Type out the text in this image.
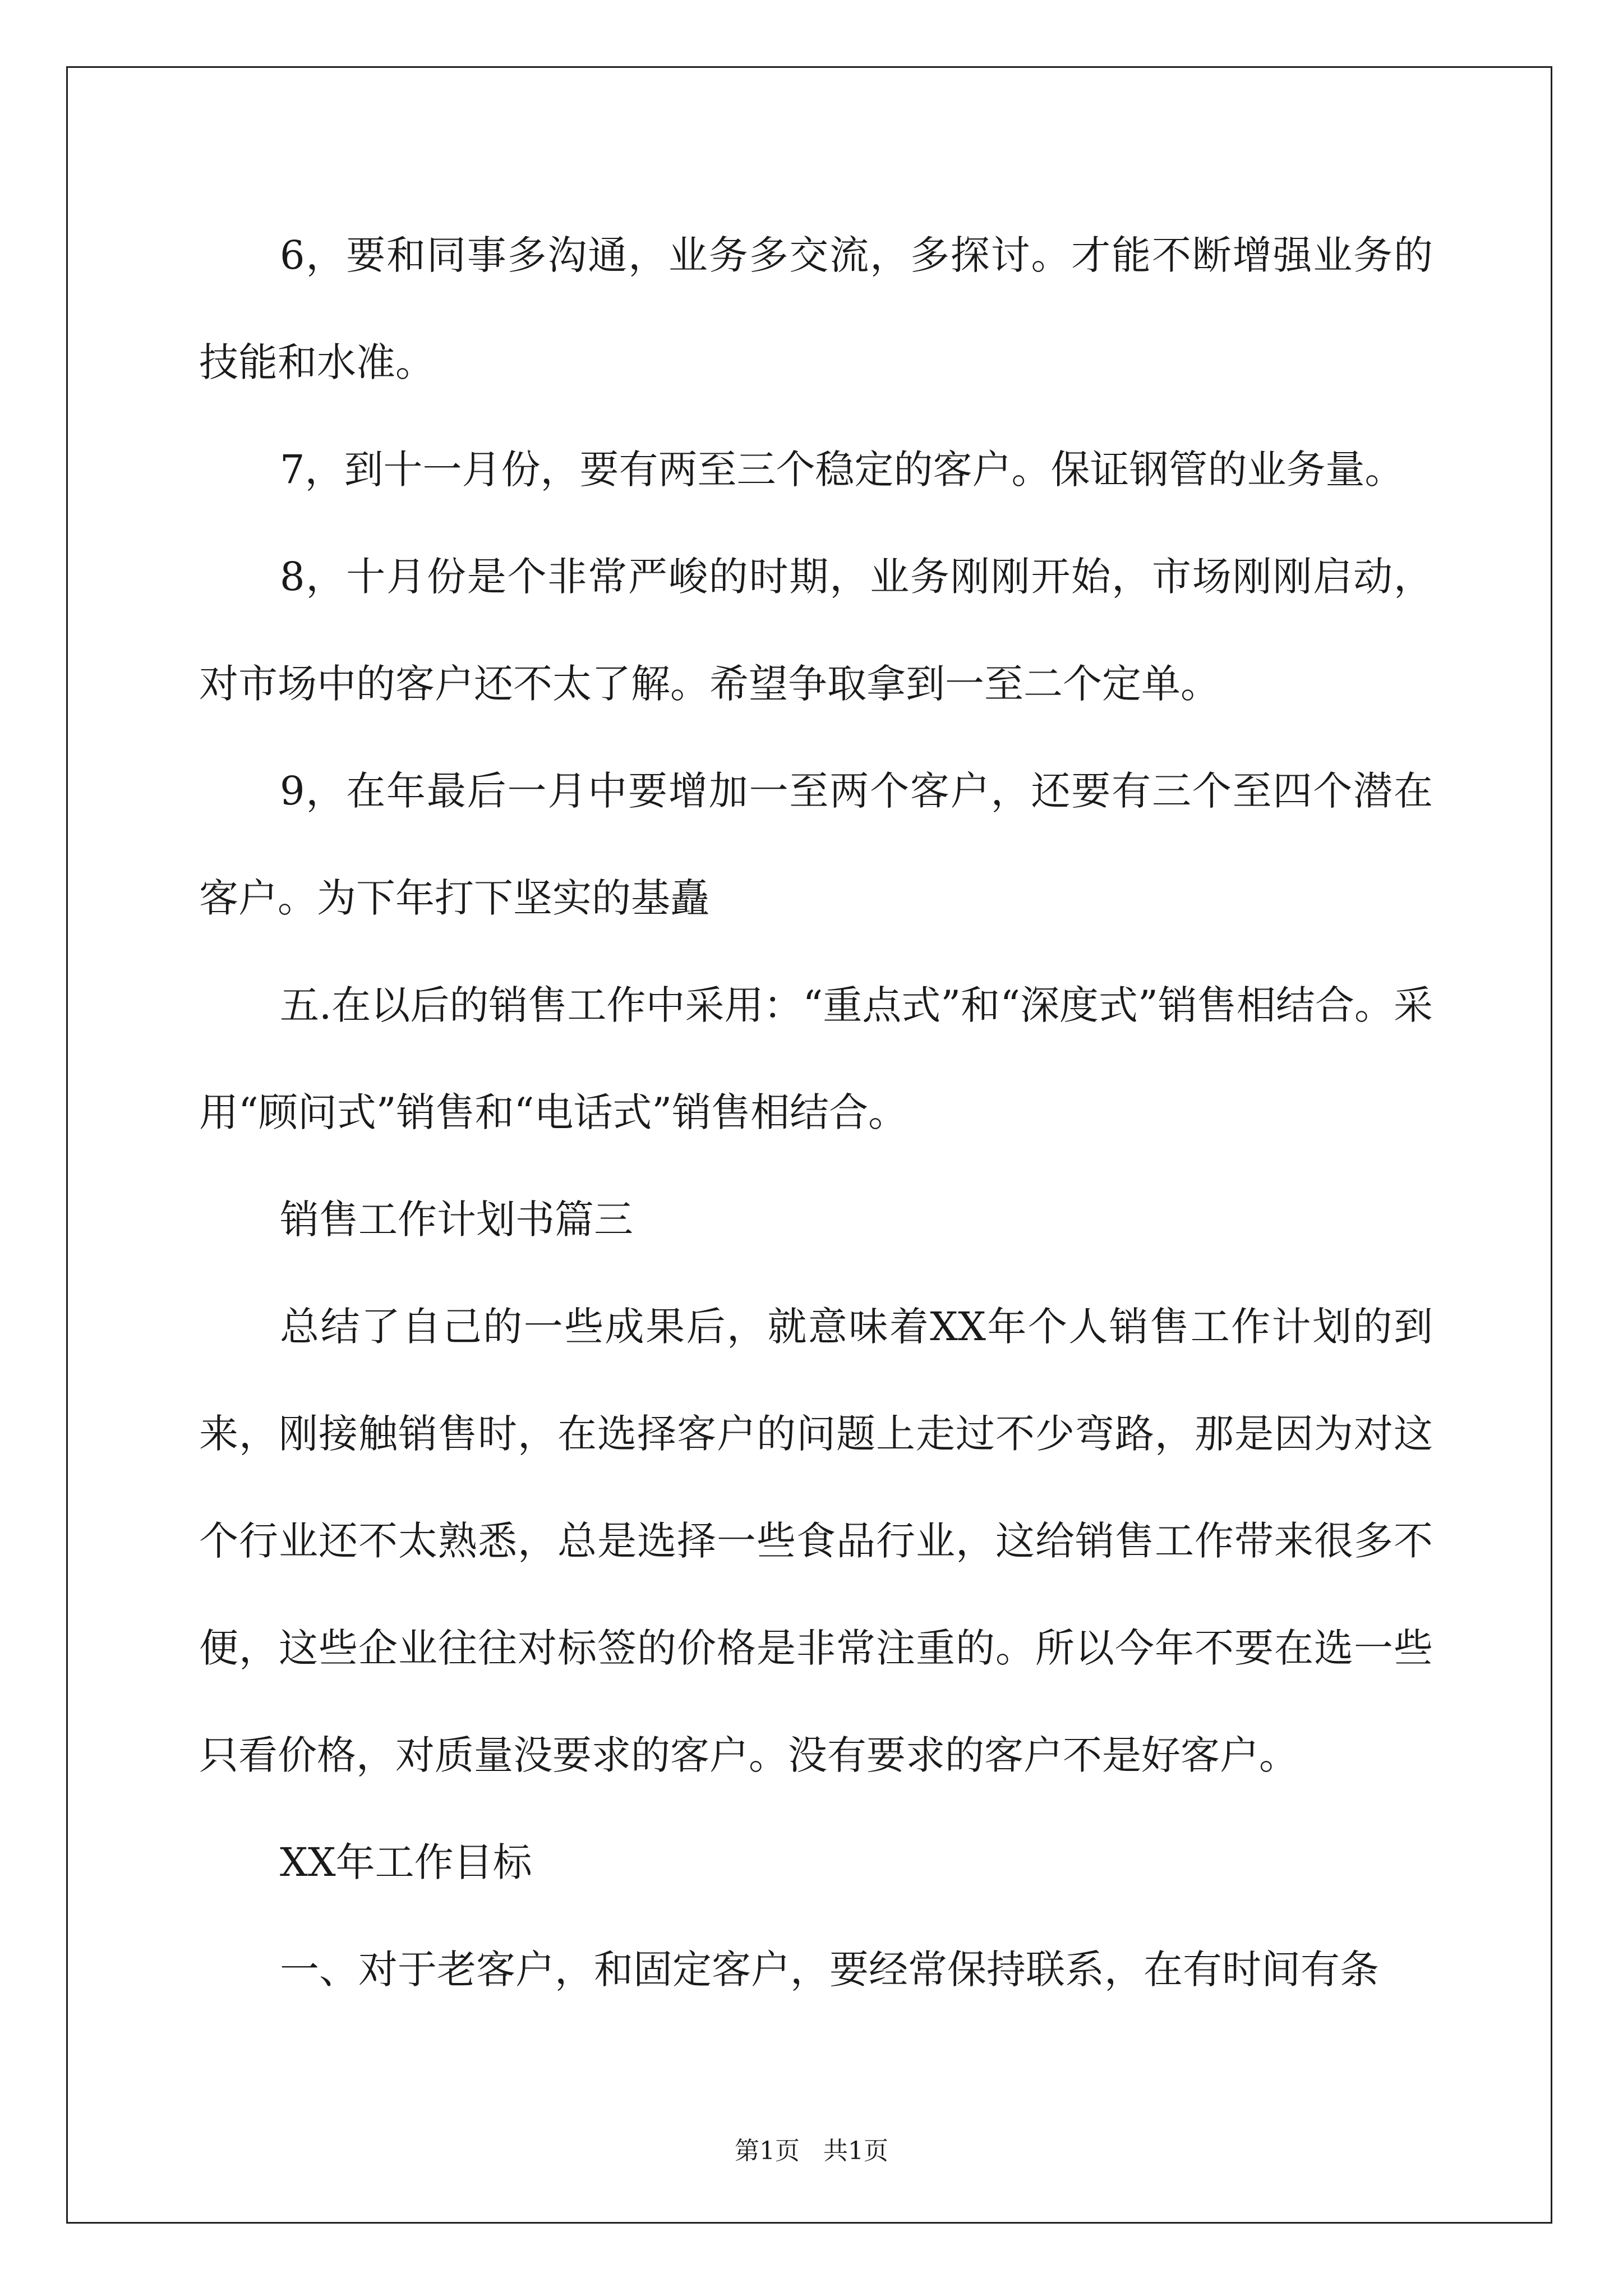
6，要和同事多沟通，业务多交流，多探讨。才能不断增强业务的技能和水准。

7，到十一月份，要有两至三个稳定的客户。保证钢管的业务量。

8，十月份是个非常严峻的时期，业务刚刚开始，市场刚刚启动，对市场中的客户还不太了解。希望争取拿到一至二个定单。

9，在年最后一月中要增加一至两个客户，还要有三个至四个潜在客户。为下年打下坚实的基矗

五.在以后的销售工作中采用：“重点式”和“深度式”销售相结合。采用“顾问式”销售和“电话式”销售相结合。

销售工作计划书篇三

总结了自己的一些成果后，就意味着XX年个人销售工作计划的到来，刚接触销售时，在选择客户的问题上走过不少弯路，那是因为对这个行业还不太熟悉，总是选择一些食品行业，这给销售工作带来很多不便，这些企业往往对标签的价格是非常注重的。所以今年不要在选一些只看价格，对质量没要求的客户。没有要求的客户不是好客户。

XX年工作目标

一、对于老客户，和固定客户，要经常保持联系，在有时间有条

第1页   共1页
